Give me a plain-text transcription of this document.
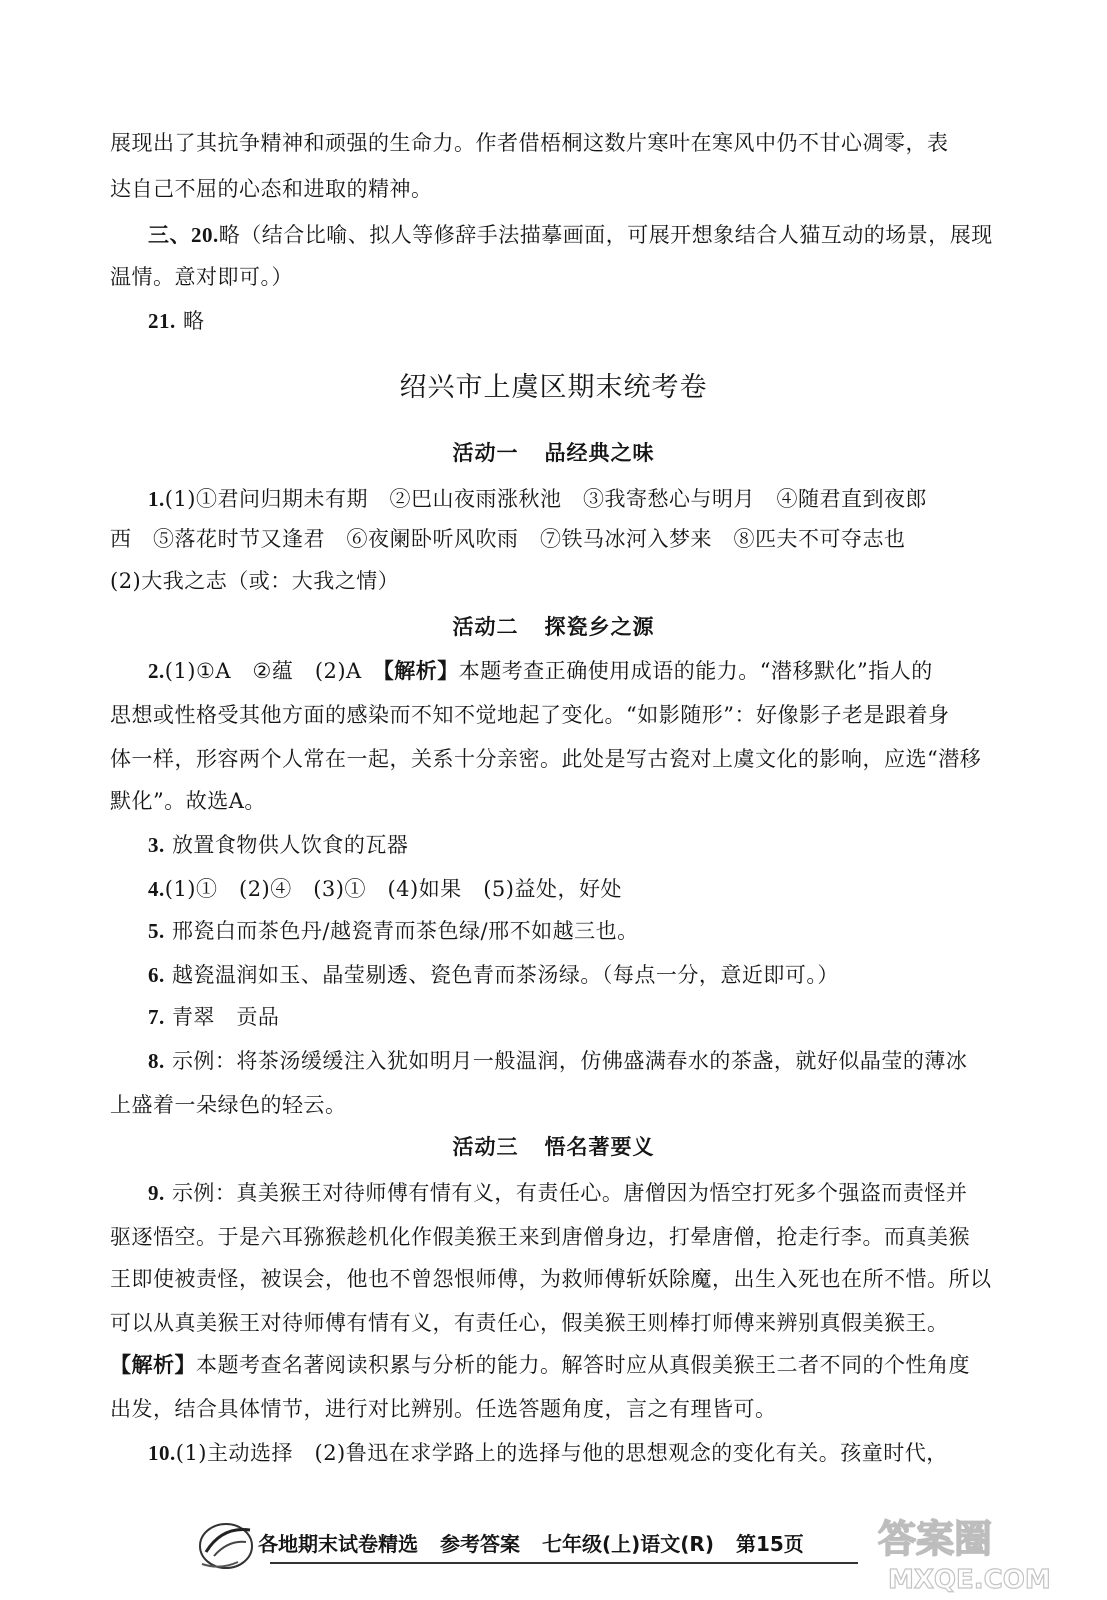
展现出了其抗争精神和顽强的生命力。作者借梧桐这数片寒叶在寒风中仍不甘心凋零，表
达自己不屈的心态和进取的精神。
三、20.略（结合比喻、拟人等修辞手法描摹画面，可展开想象结合人猫互动的场景，展现
温情。意对即可。）
21. 略
绍兴市上虞区期末统考卷
活动一 品经典之味
1.(1)①君问归期未有期　②巴山夜雨涨秋池　③我寄愁心与明月　④随君直到夜郎
西　⑤落花时节又逢君　⑥夜阑卧听风吹雨　⑦铁马冰河入梦来　⑧匹夫不可夺志也
(2)大我之志（或：大我之情）
活动二 探瓷乡之源
2.(1)①A　②蕴　(2)A　【解析】本题考查正确使用成语的能力。“潜移默化”指人的
思想或性格受其他方面的感染而不知不觉地起了变化。“如影随形”：好像影子老是跟着身
体一样，形容两个人常在一起，关系十分亲密。此处是写古瓷对上虞文化的影响，应选“潜移
默化”。故选A。
3. 放置食物供人饮食的瓦器
4.(1)①　(2)④　(3)①　(4)如果　(5)益处，好处
5. 邢瓷白而茶色丹/越瓷青而茶色绿/邢不如越三也。
6. 越瓷温润如玉、晶莹剔透、瓷色青而茶汤绿。（每点一分，意近即可。）
7. 青翠　贡品
8. 示例：将茶汤缓缓注入犹如明月一般温润，仿佛盛满春水的茶盏，就好似晶莹的薄冰
上盛着一朵绿色的轻云。
活动三 悟名著要义
9. 示例：真美猴王对待师傅有情有义，有责任心。唐僧因为悟空打死多个强盗而责怪并
驱逐悟空。于是六耳猕猴趁机化作假美猴王来到唐僧身边，打晕唐僧，抢走行李。而真美猴
王即使被责怪，被误会，他也不曾怨恨师傅，为救师傅斩妖除魔，出生入死也在所不惜。所以
可以从真美猴王对待师傅有情有义，有责任心，假美猴王则棒打师傅来辨别真假美猴王。
【解析】本题考查名著阅读积累与分析的能力。解答时应从真假美猴王二者不同的个性角度
出发，结合具体情节，进行对比辨别。任选答题角度，言之有理皆可。
10.(1)主动选择　(2)鲁迅在求学路上的选择与他的思想观念的变化有关。孩童时代，
各地期末试卷精选 参考答案 七年级(上)语文(R) 第15页	答案圈
MXQE.COM
